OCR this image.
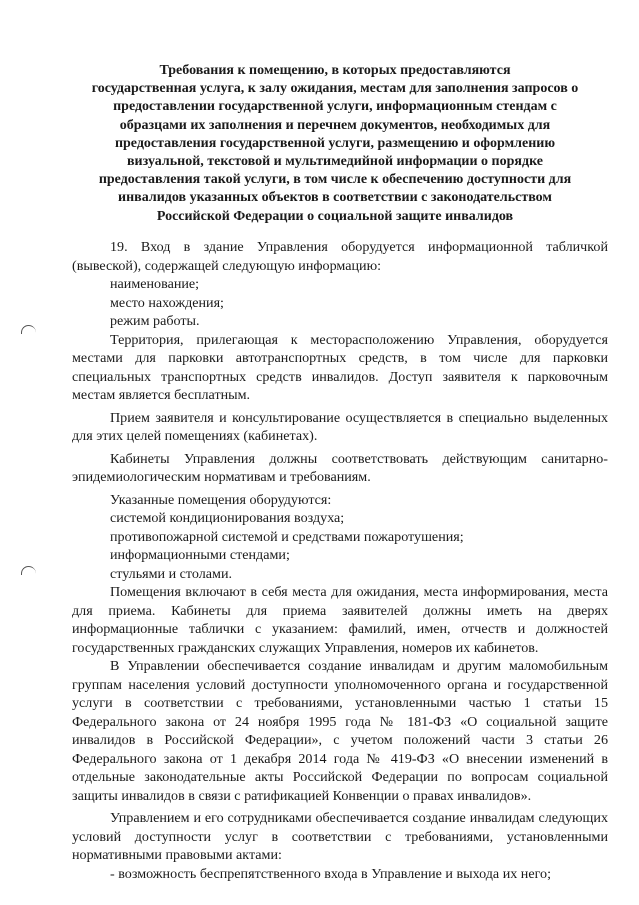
Требования к помещению, в которых предоставляются
государственная услуга, к залу ожидания, местам для заполнения запросов о
предоставлении государственной услуги, информационным стендам с
образцами их заполнения и перечнем документов, необходимых для
предоставления государственной услуги, размещению и оформлению
визуальной, текстовой и мультимедийной информации о порядке
предоставления такой услуги, в том числе к обеспечению доступности для
инвалидов указанных объектов в соответствии с законодательством
Российской Федерации о социальной защите инвалидов

19. Вход в здание Управления оборудуется информационной табличкой (вывеской), содержащей следующую информацию:

наименование;

место нахождения;

режим работы.

Территория, прилегающая к месторасположению Управления, оборудуется местами для парковки автотранспортных средств, в том числе для парковки специальных транспортных средств инвалидов. Доступ заявителя к парковочным местам является бесплатным.

Прием заявителя и консультирование осуществляется в специально выделенных для этих целей помещениях (кабинетах).

Кабинеты Управления должны соответствовать действующим санитарно-эпидемиологическим нормативам и требованиям.

Указанные помещения оборудуются:

системой кондиционирования воздуха;

противопожарной системой и средствами пожаротушения;

информационными стендами;

стульями и столами.

Помещения включают в себя места для ожидания, места информирования, места для приема. Кабинеты для приема заявителей должны иметь на дверях информационные таблички с указанием: фамилий, имен, отчеств и должностей государственных гражданских служащих Управления, номеров их кабинетов.

В Управлении обеспечивается создание инвалидам и другим маломобильным группам населения условий доступности уполномоченного органа и государственной услуги в соответствии с требованиями, установленными частью 1 статьи 15 Федерального закона от 24 ноября 1995 года № 181-ФЗ «О социальной защите инвалидов в Российской Федерации», с учетом положений части 3 статьи 26 Федерального закона от 1 декабря 2014 года № 419-ФЗ «О внесении изменений в отдельные законодательные акты Российской Федерации по вопросам социальной защиты инвалидов в связи с ратификацией Конвенции о правах инвалидов».

Управлением и его сотрудниками обеспечивается создание инвалидам следующих условий доступности услуг в соответствии с требованиями, установленными нормативными правовыми актами:

- возможность беспрепятственного входа в Управление и выхода их него;
